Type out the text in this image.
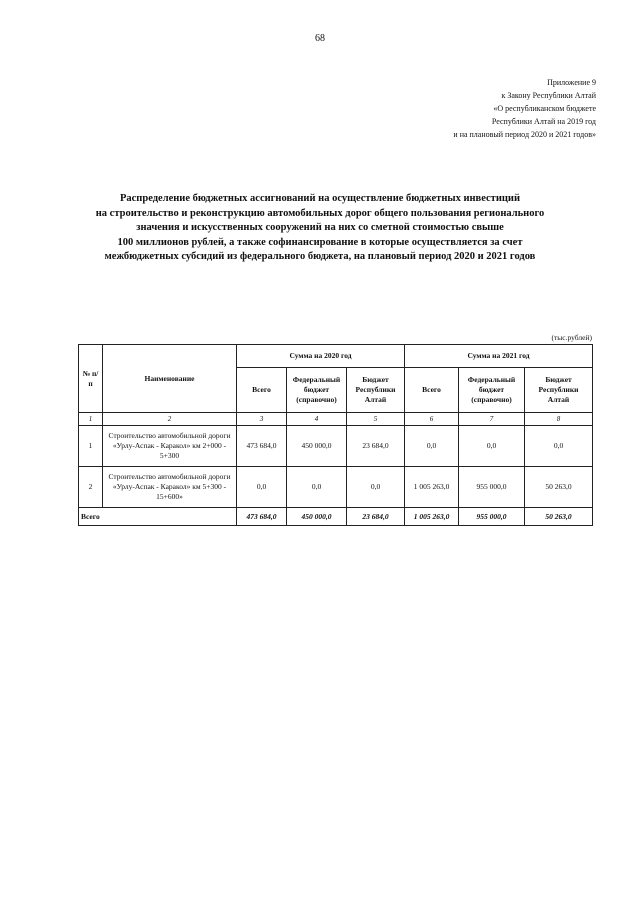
68
Приложение 9
к Закону Республики Алтай
«О республиканском бюджете
Республики Алтай на 2019 год
и на плановый период 2020 и 2021 годов»
Распределение бюджетных ассигнований на осуществление бюджетных инвестиций
на строительство и реконструкцию автомобильных дорог общего пользования регионального
значения и искусственных сооружений на них со сметной стоимостью свыше
100 миллионов рублей, а также софинансирование в которые осуществляется за счет
межбюджетных субсидий из федерального бюджета, на плановый период 2020 и 2021 годов
(тыс.рублей)
№ п/п	Наименование	Сумма на 2020 год			Сумма на 2021 год		
		Всего	Федеральный бюджет (справочно)	Бюджет Республики Алтай	Всего	Федеральный бюджет (справочно)	Бюджет Республики Алтай
1	2	3	4	5	6	7	8
1	Строительство автомобильной дороги «Урлу-Аспак - Каракол» км 2+000 - 5+300	473 684,0	450 000,0	23 684,0	0,0	0,0	0,0
2	Строительство автомобильной дороги «Урлу-Аспак - Каракол» км 5+300 - 15+600»	0,0	0,0	0,0	1 005 263,0	955 000,0	50 263,0
Всего		473 684,0	450 000,0	23 684,0	1 005 263,0	955 000,0	50 263,0
